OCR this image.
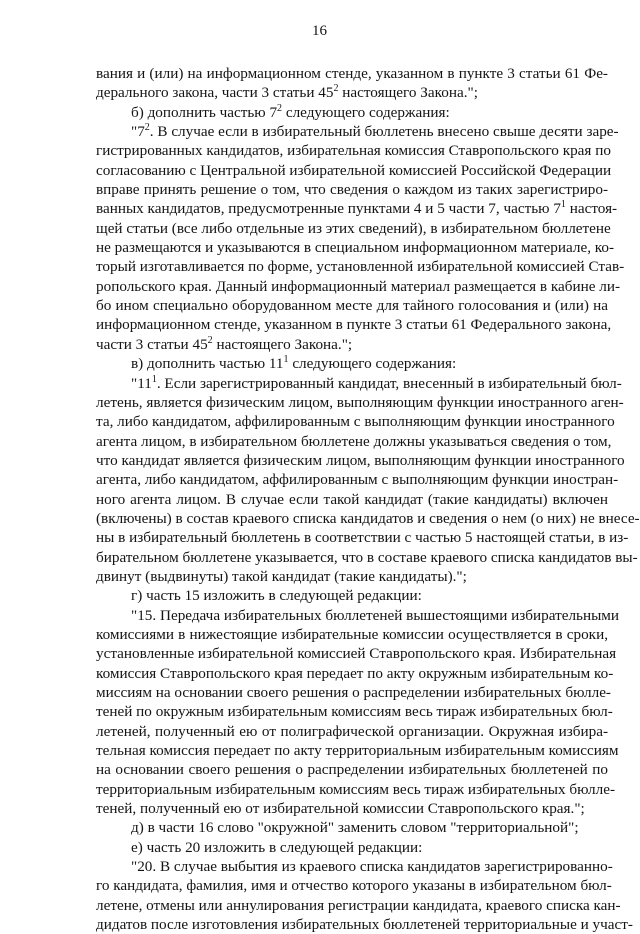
16
вания и (или) на информационном стенде, указанном в пункте 3 статьи 61 Фе-
дерального закона, части 3 статьи $45^2$ настоящего Закона.";
б) дополнить частью $7^2$ следующего содержания:
"$7^2$. В случае если в избирательный бюллетень внесено свыше десяти заре-
гистрированных кандидатов, избирательная комиссия Ставропольского края по
согласованию с Центральной избирательной комиссией Российской Федерации
вправе принять решение о том, что сведения о каждом из таких зарегистриро-
ванных кандидатов, предусмотренные пунктами 4 и 5 части 7, частью $7^1$ настоя-
щей статьи (все либо отдельные из этих сведений), в избирательном бюллетене
не размещаются и указываются в специальном информационном материале, ко-
торый изготавливается по форме, установленной избирательной комиссией Став-
ропольского края. Данный информационный материал размещается в кабине ли-
бо ином специально оборудованном месте для тайного голосования и (или) на
информационном стенде, указанном в пункте 3 статьи 61 Федерального закона,
части 3 статьи $45^2$ настоящего Закона.";
в) дополнить частью $11^1$ следующего содержания:
"$11^1$. Если зарегистрированный кандидат, внесенный в избирательный бюл-
летень, является физическим лицом, выполняющим функции иностранного аген-
та, либо кандидатом, аффилированным с выполняющим функции иностранного
агента лицом, в избирательном бюллетене должны указываться сведения о том,
что кандидат является физическим лицом, выполняющим функции иностранного
агента, либо кандидатом, аффилированным с выполняющим функции иностран-
ного агента лицом. В случае если такой кандидат (такие кандидаты) включен
(включены) в состав краевого списка кандидатов и сведения о нем (о них) не внесе-
ны в избирательный бюллетень в соответствии с частью 5 настоящей статьи, в из-
бирательном бюллетене указывается, что в составе краевого списка кандидатов вы-
двинут (выдвинуты) такой кандидат (такие кандидаты).";
г) часть 15 изложить в следующей редакции:
"15. Передача избирательных бюллетеней вышестоящими избирательными
комиссиями в нижестоящие избирательные комиссии осуществляется в сроки,
установленные избирательной комиссией Ставропольского края. Избирательная
комиссия Ставропольского края передает по акту окружным избирательным ко-
миссиям на основании своего решения о распределении избирательных бюлле-
теней по окружным избирательным комиссиям весь тираж избирательных бюл-
летеней, полученный ею от полиграфической организации. Окружная избира-
тельная комиссия передает по акту территориальным избирательным комиссиям
на основании своего решения о распределении избирательных бюллетеней по
территориальным избирательным комиссиям весь тираж избирательных бюлле-
теней, полученный ею от избирательной комиссии Ставропольского края.";
д) в части 16 слово "окружной" заменить словом "территориальной";
е) часть 20 изложить в следующей редакции:
"20. В случае выбытия из краевого списка кандидатов зарегистрированно-
го кандидата, фамилия, имя и отчество которого указаны в избирательном бюл-
летене, отмены или аннулирования регистрации кандидата, краевого списка кан-
дидатов после изготовления избирательных бюллетеней территориальные и участ-
